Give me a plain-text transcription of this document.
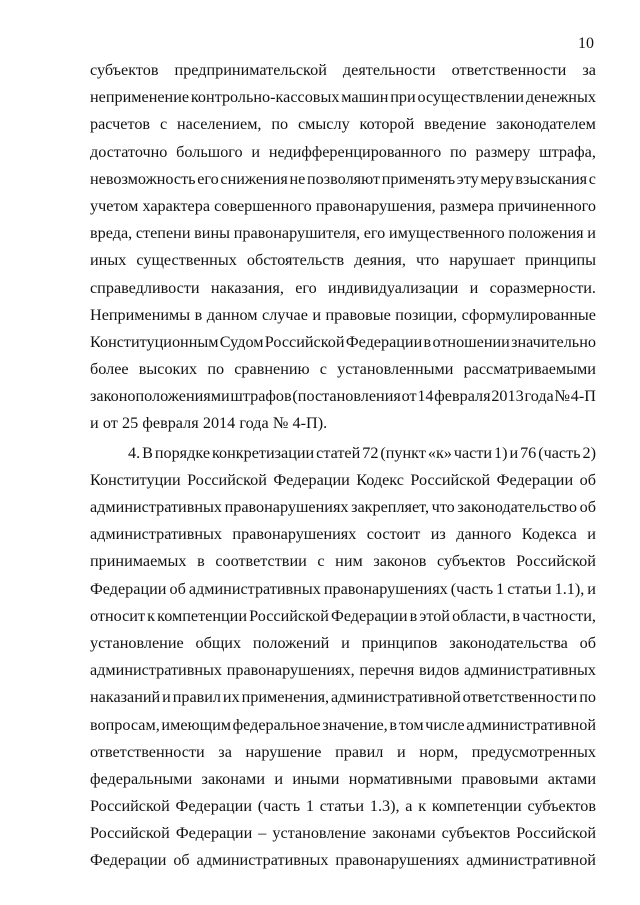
10
субъектов предпринимательской деятельности ответственности за
неприменение контрольно-кассовых машин при осуществлении денежных
расчетов с населением, по смыслу которой введение законодателем
достаточно большого и недифференцированного по размеру штрафа,
невозможность его снижения не позволяют применять эту меру взыскания с
учетом характера совершенного правонарушения, размера причиненного
вреда, степени вины правонарушителя, его имущественного положения и
иных существенных обстоятельств деяния, что нарушает принципы
справедливости наказания, его индивидуализации и соразмерности.
Неприменимы в данном случае и правовые позиции, сформулированные
Конституционным Судом Российской Федерации в отношении значительно
более высоких по сравнению с установленными рассматриваемыми
законоположениями штрафов (постановления от 14 февраля 2013 года № 4-П
и от 25 февраля 2014 года № 4-П).
4. В порядке конкретизации статей 72 (пункт «к» части 1) и 76 (часть 2)
Конституции Российской Федерации Кодекс Российской Федерации об
административных правонарушениях закрепляет, что законодательство об
административных правонарушениях состоит из данного Кодекса и
принимаемых в соответствии с ним законов субъектов Российской
Федерации об административных правонарушениях (часть 1 статьи 1.1), и
относит к компетенции Российской Федерации в этой области, в частности,
установление общих положений и принципов законодательства об
административных правонарушениях, перечня видов административных
наказаний и правил их применения, административной ответственности по
вопросам, имеющим федеральное значение, в том числе административной
ответственности за нарушение правил и норм, предусмотренных
федеральными законами и иными нормативными правовыми актами
Российской Федерации (часть 1 статьи 1.3), а к компетенции субъектов
Российской Федерации – установление законами субъектов Российской
Федерации об административных правонарушениях административной
